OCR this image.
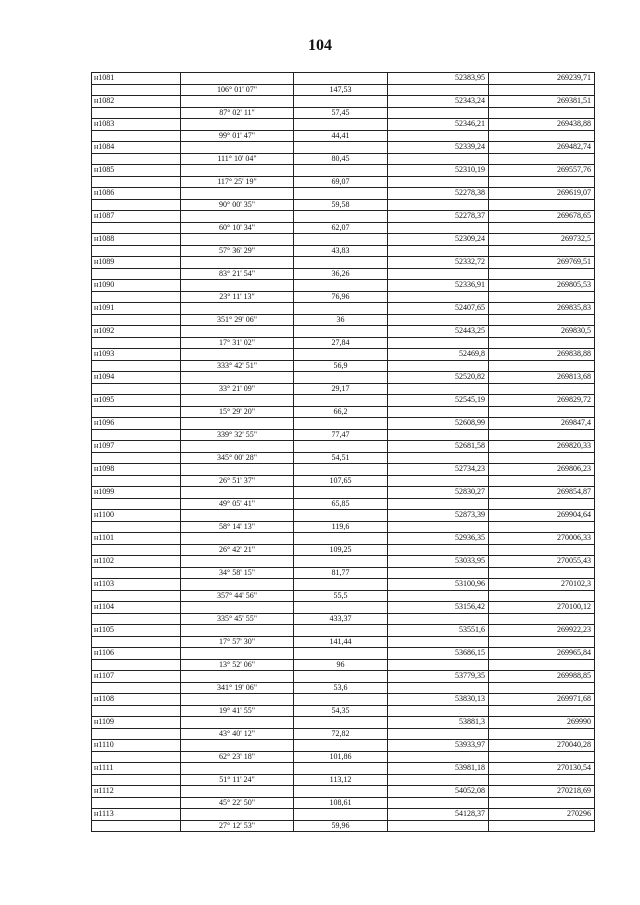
104
н1081			52383,95	269239,71
	106° 01' 07"	147,53		
н1082			52343,24	269381,51
	87° 02' 11"	57,45		
н1083			52346,21	269438,88
	99° 01' 47"	44,41		
н1084			52339,24	269482,74
	111° 10' 04"	80,45		
н1085			52310,19	269557,76
	117° 25' 19"	69,07		
н1086			52278,38	269619,07
	90° 00' 35"	59,58		
н1087			52278,37	269678,65
	60° 10' 34"	62,07		
н1088			52309,24	269732,5
	57° 36' 29"	43,83		
н1089			52332,72	269769,51
	83° 21' 54"	36,26		
н1090			52336,91	269805,53
	23° 11' 13"	76,96		
н1091			52407,65	269835,83
	351° 29' 06"	36		
н1092			52443,25	269830,5
	17° 31' 02"	27,84		
н1093			52469,8	269838,88
	333° 42' 51"	56,9		
н1094			52520,82	269813,68
	33° 21' 09"	29,17		
н1095			52545,19	269829,72
	15° 29' 20"	66,2		
н1096			52608,99	269847,4
	339° 32' 55"	77,47		
н1097			52681,58	269820,33
	345° 00' 28"	54,51		
н1098			52734,23	269806,23
	26° 51' 37"	107,65		
н1099			52830,27	269854,87
	49° 05' 41"	65,85		
н1100			52873,39	269904,64
	58° 14' 13"	119,6		
н1101			52936,35	270006,33
	26° 42' 21"	109,25		
н1102			53033,95	270055,43
	34° 58' 15"	81,77		
н1103			53100,96	270102,3
	357° 44' 56"	55,5		
н1104			53156,42	270100,12
	335° 45' 55"	433,37		
н1105			53551,6	269922,23
	17° 57' 30"	141,44		
н1106			53686,15	269965,84
	13° 52' 06"	96		
н1107			53779,35	269988,85
	341° 19' 06"	53,6		
н1108			53830,13	269971,68
	19° 41' 55"	54,35		
н1109			53881,3	269990
	43° 40' 12"	72,82		
н1110			53933,97	270040,28
	62° 23' 18"	101,86		
н1111			53981,18	270130,54
	51° 11' 24"	113,12		
н1112			54052,08	270218,69
	45° 22' 50"	108,61		
н1113			54128,37	270296
	27° 12' 53"	59,96		
